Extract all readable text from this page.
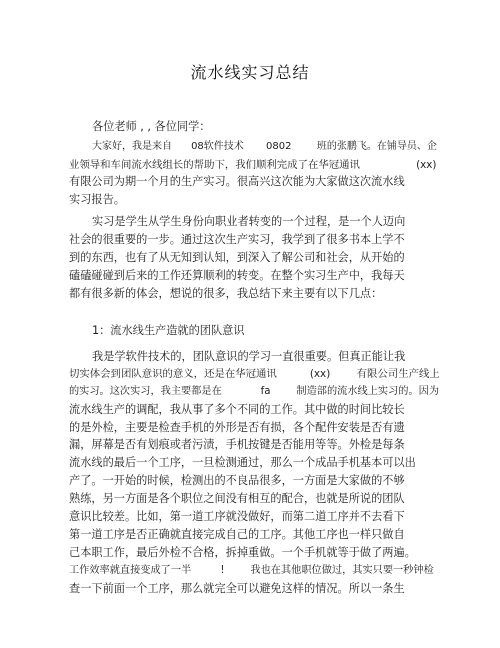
流水线实习总结
各位老师 , , 各位同学：
大家好，我是来自      08软件技术       0802        班的张鹏飞。在铺导员、企
业领导和车间流水线组长的帮助下，我们顺利完成了在华冠通讯                 (xx)
有限公司为期一个月的生产实习。很高兴这次能为大家做这次流水线
实习报告。
实习是学生从学生身份向职业者转变的一个过程，是一个人迈向
社会的很重要的一步。通过这次生产实习，我学到了很多书本上学不
到的东西，也有了从无知到认知，到深入了解公司和社会，从开始的
磕磕碰碰到后来的工作还算顺利的转变。在整个实习生产中，我每天
都有很多新的体会，想说的很多，我总结下来主要有以下几点：
1：流水线生产造就的团队意识
我是学软件技术的，团队意识的学习一直很重要。但真正能让我
切实体会到团队意识的意义，还是在华冠通讯          (xx)        有限公司生产线上
的实习。这次实习，我主要都是在            fa        制造部的流水线上实习的。因为
流水线生产的调配，我从事了多个不同的工作。其中做的时间比较长
的是外检，主要是检查手机的外形是否有损，各个配件安装是否有遗
漏，屏幕是否有划痕或者污渍，手机按键是否能用等等。外检是每条
流水线的最后一个工序，一旦检测通过，那么一个成品手机基本可以出
产了。一开始的时候，检测出的不良品很多，一方面是大家做的不够
熟练，另一方面是各个职位之间没有相互的配合，也就是所说的团队
意识比较差。比如，第一道工序就没做好，而第二道工序并不去看下
第一道工序是否正确就直接完成自己的工序。其他工序也一样只做自
己本职工作，最后外检不合格，拆掉重做。一个手机就等于做了两遍。
工作效率就直接变成了一半         !        我也在其他职位做过，其实只要一秒钟检
查一下前面一个工序，那么就完全可以避免这样的情况。所以一条生
